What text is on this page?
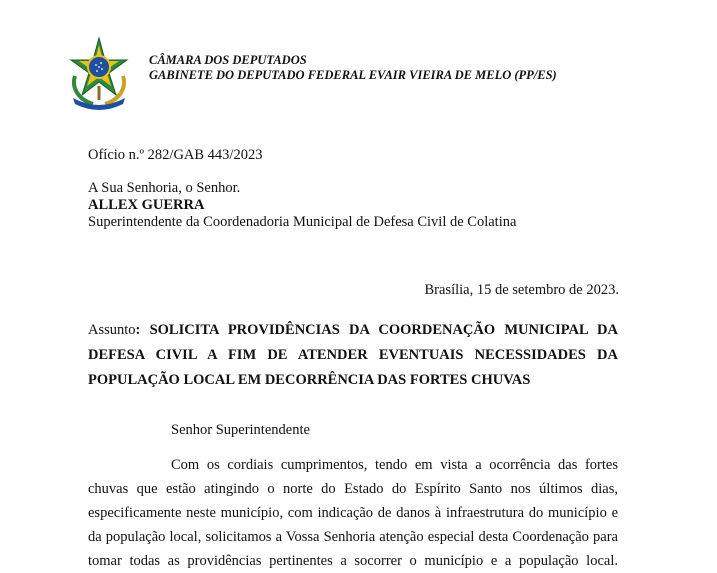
CÂMARA DOS DEPUTADOS
GABINETE DO DEPUTADO FEDERAL EVAIR VIEIRA DE MELO (PP/ES)
Ofício n.º 282/GAB 443/2023
A Sua Senhoria, o Senhor.
ALLEX GUERRA
Superintendente da Coordenadoria Municipal de Defesa Civil de Colatina
Brasília, 15 de setembro de 2023.
Assunto: SOLICITA PROVIDÊNCIAS DA COORDENAÇÃO MUNICIPAL DA
DEFESA CIVIL A FIM DE ATENDER EVENTUAIS NECESSIDADES DA

POPULAÇÃO LOCAL EM DECORRÊNCIA DAS FORTES CHUVAS
Senhor Superintendente
Com os cordiais cumprimentos, tendo em vista a ocorrência das fortes
chuvas que estão atingindo o norte do Estado do Espírito Santo nos últimos dias,
especificamente neste município, com indicação de danos à infraestrutura do município e
da população local, solicitamos a Vossa Senhoria atenção especial desta Coordenação para
tomar todas as providências pertinentes a socorrer o município e a população local.
